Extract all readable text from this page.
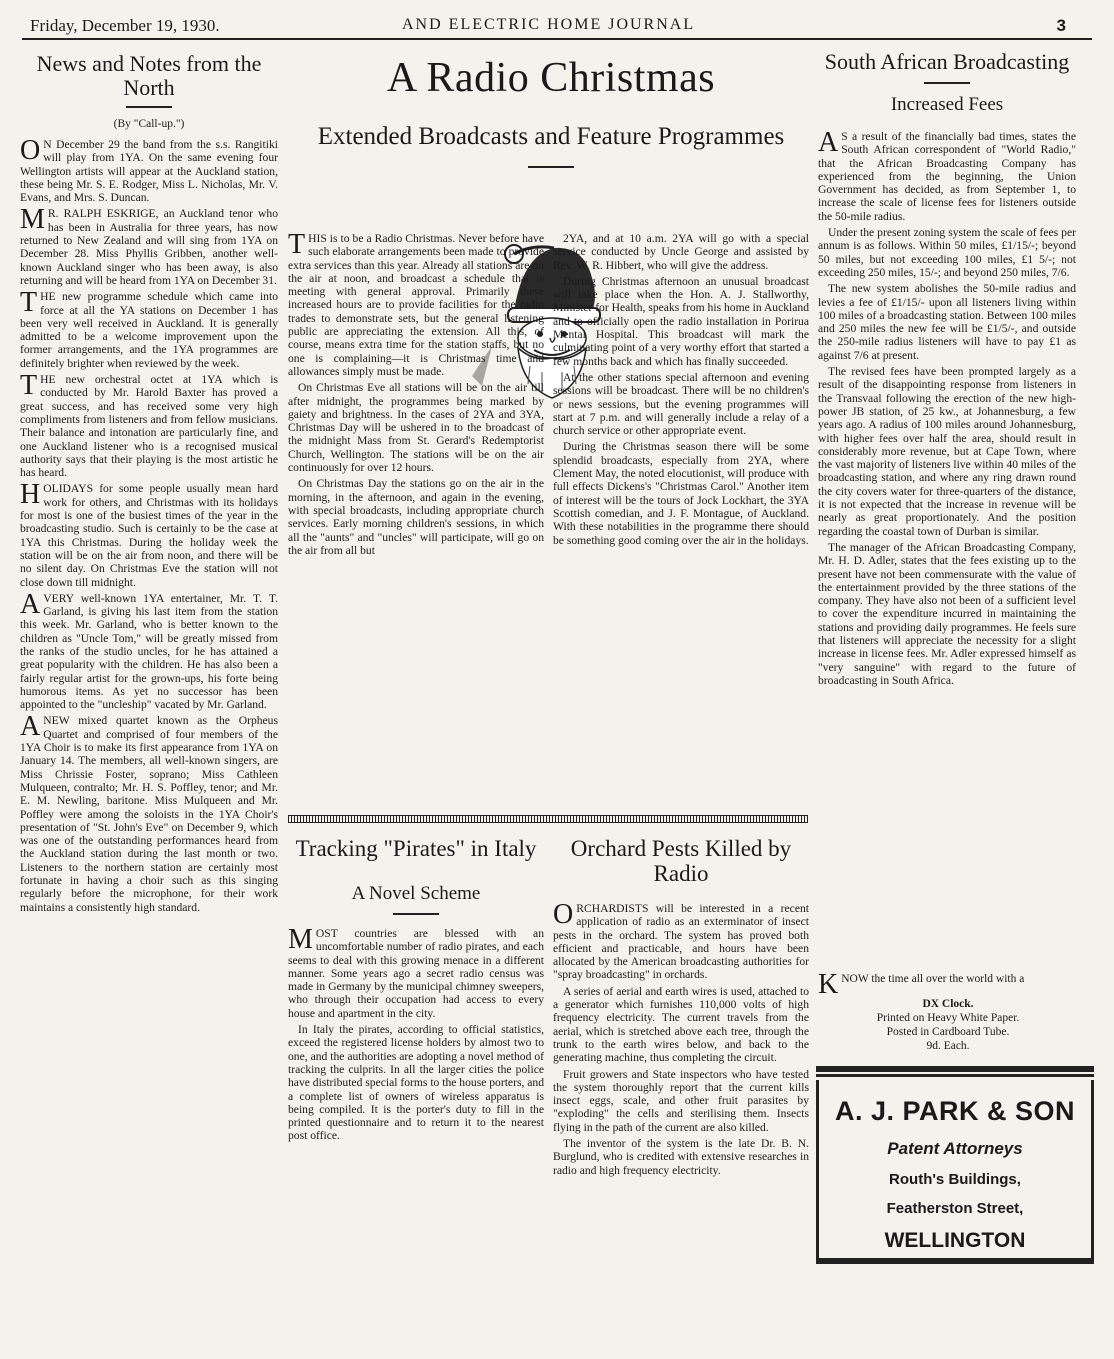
Friday, December 19, 1930.	AND ELECTRIC HOME JOURNAL	3
News and Notes from the North
(By "Call-up.")

O N December 29 the band from the s.s. Rangitiki will play from 1YA. On the same evening four Wellington artists will appear at the Auckland station, these being Mr. S. E. Rodger, Miss L. Nicholas, Mr. V. Evans, and Mrs. S. Duncan.

M R. RALPH ESKRIGE, an Auckland tenor who has been in Australia for three years, has now returned to New Zealand and will sing from 1YA on December 28. Miss Phyllis Gribben, another well-known Auckland singer who has been away, is also returning and will be heard from 1YA on December 31.

THE new programme schedule which came into force at all the YA stations on December 1 has been very well received in Auckland. It is generally admitted to be a welcome improvement upon the former arrangements, and the 1YA programmes are definitely brighter when reviewed by the week.

THE new orchestral octet at 1YA which is conducted by Mr. Harold Baxter has proved a great success, and has received some very high compliments from listeners and from fellow musicians. Their balance and intonation are particularly fine, and one Auckland listener who is a recognised musical authority says that their playing is the most artistic he has heard.

HOLIDAYS for some people usually mean hard work for others, and Christmas with its holidays for most is one of the busiest times of the year in the broadcasting studio. Such is certainly to be the case at 1YA this Christmas. During the holiday week the station will be on the air from noon, and there will be no silent day. On Christmas Eve the station will not close down till midnight.

A VERY well-known 1YA entertainer, Mr. T. T. Garland, is giving his last item from the station this week. Mr. Garland, who is better known to the children as "Uncle Tom," will be greatly missed from the ranks of the studio uncles, for he has attained a great popularity with the children. He has also been a fairly regular artist for the grown-ups, his forte being humorous items. As yet no successor has been appointed to the "uncleship" vacated by Mr. Garland.

A NEW mixed quartet known as the Orpheus Quartet and comprised of four members of the 1YA Choir is to make its first appearance from 1YA on January 14. The members, all well-known singers, are Miss Chrissie Foster, soprano; Miss Cathleen Mulqueen, contralto; Mr. H. S. Poffley, tenor; and Mr. E. M. Newling, baritone. Miss Mulqueen and Mr. Poffley were among the soloists in the 1YA Choir's presentation of "St. John's Eve" on December 9, which was one of the outstanding performances heard from the Auckland station during the last month or two. Listeners to the northern station are certainly most fortunate in having a choir such as this singing regularly before the microphone, for their work maintains a consistently high standard.

A Radio Christmas
Extended Broadcasts and Feature Programmes

THIS is to be a Radio Christmas. Never before have such elaborate arrangements been made to provide extra services than this year. Already all stations are on the air at noon, and broadcast a schedule that is meeting with general approval. Primarily these increased hours are to provide facilities for the radio trades to demonstrate sets, but the general listening public are appreciating the extension. All this, of course, means extra time for the station staffs, but no one is complaining—it is Christmas time and allowances simply must be made.

On Christmas Eve all stations will be on the air till after midnight, the programmes being marked by gaiety and brightness. In the cases of 2YA and 3YA, Christmas Day will be ushered in to the broadcast of the midnight Mass from St. Gerard's Redemptorist Church, Wellington. The stations will be on the air continuously for over 12 hours.

On Christmas Day the stations go on the air in the morning, in the afternoon, and again in the evening, with special broadcasts, including appropriate church services. Early morning children's sessions, in which all the "aunts" and "uncles" will participate, will go on the air from all but

2YA, and at 10 a.m. 2YA will go with a special service conducted by Uncle George and assisted by Rev. W. R. Hibbert, who will give the address.

During Christmas afternoon an unusual broadcast will take place when the Hon. A. J. Stallworthy, Minister for Health, speaks from his home in Auckland and to officially open the radio installation in Porirua Mental Hospital. This broadcast will mark the culminating point of a very worthy effort that started a few months back and which has finally succeeded.

At the other stations special afternoon and evening sessions will be broadcast. There will be no children's or news sessions, but the evening programmes will start at 7 p.m. and will generally include a relay of a church service or other appropriate event.

During the Christmas season there will be some splendid broadcasts, especially from 2YA, where Clement May, the noted elocutionist, will produce with full effects Dickens's "Christmas Carol." Another item of interest will be the tours of Jock Lockhart, the 3YA Scottish comedian, and J. F. Montague, of Auckland. With these notabilities in the programme there should be something good coming over the air in the holidays.

Tracking "Pirates" in Italy
A Novel Scheme

MOST countries are blessed with an uncomfortable number of radio pirates, and each seems to deal with this growing menace in a different manner. Some years ago a secret radio census was made in Germany by the municipal chimney sweepers, who through their occupation had access to every house and apartment in the city.

In Italy the pirates, according to official statistics, exceed the registered license holders by almost two to one, and the authorities are adopting a novel method of tracking the culprits. In all the larger cities the police have distributed special forms to the house porters, and a complete list of owners of wireless apparatus is being compiled. It is the porter's duty to fill in the printed questionnaire and to return it to the nearest post office.

Orchard Pests Killed by Radio

ORCHARDISTS will be interested in a recent application of radio as an exterminator of insect pests in the orchard. The system has proved both efficient and practicable, and hours have been allocated by the American broadcasting authorities for "spray broadcasting" in orchards.

A series of aerial and earth wires is used, attached to a generator which furnishes 110,000 volts of high frequency electricity. The current travels from the aerial, which is stretched above each tree, through the trunk to the earth wires below, and back to the generating machine, thus completing the circuit.

Fruit growers and State inspectors who have tested the system thoroughly report that the current kills insect eggs, scale, and other fruit parasites by "exploding" the cells and sterilising them. Insects flying in the path of the current are also killed.

The inventor of the system is the late Dr. B. N. Burglund, who is credited with extensive researches in radio and high frequency electricity.

South African Broadcasting
Increased Fees

A S a result of the financially bad times, states the South African correspondent of "World Radio," that the African Broadcasting Company has experienced from the beginning, the Union Government has decided, as from September 1, to increase the scale of license fees for listeners outside the 50-mile radius.

Under the present zoning system the scale of fees per annum is as follows. Within 50 miles, £1/15/-; beyond 50 miles, but not exceeding 100 miles, £1 5/-; not exceeding 250 miles, 15/-; and beyond 250 miles, 7/6.

The new system abolishes the 50-mile radius and levies a fee of £1/15/- upon all listeners living within 100 miles of a broadcasting station. Between 100 miles and 250 miles the new fee will be £1/5/-, and outside the 250-mile radius listeners will have to pay £1 as against 7/6 at present.

The revised fees have been prompted largely as a result of the disappointing response from listeners in the Transvaal following the erection of the new high-power JB station, of 25 kw., at Johannesburg, a few years ago. A radius of 100 miles around Johannesburg, with higher fees over half the area, should result in considerably more revenue, but at Cape Town, where the vast majority of listeners live within 40 miles of the broadcasting station, and where any ring drawn round the city covers water for three-quarters of the distance, it is not expected that the increase in revenue will be nearly as great proportionately. And the position regarding the coastal town of Durban is similar.

The manager of the African Broadcasting Company, Mr. H. D. Adler, states that the fees existing up to the present have not been commensurate with the value of the entertainment provided by the three stations of the company. They have also not been of a sufficient level to cover the expenditure incurred in maintaining the stations and providing daily programmes. He feels sure that listeners will appreciate the necessity for a slight increase in license fees. Mr. Adler expressed himself as "very sanguine" with regard to the future of broadcasting in South Africa.

KNOW the time all over the world with a
DX Clock.
Printed on Heavy White Paper.
Posted in Cardboard Tube.
9d. Each.
A. J. PARK & SON
Patent Attorneys
Routh's Buildings,
Featherston Street,
WELLINGTON
